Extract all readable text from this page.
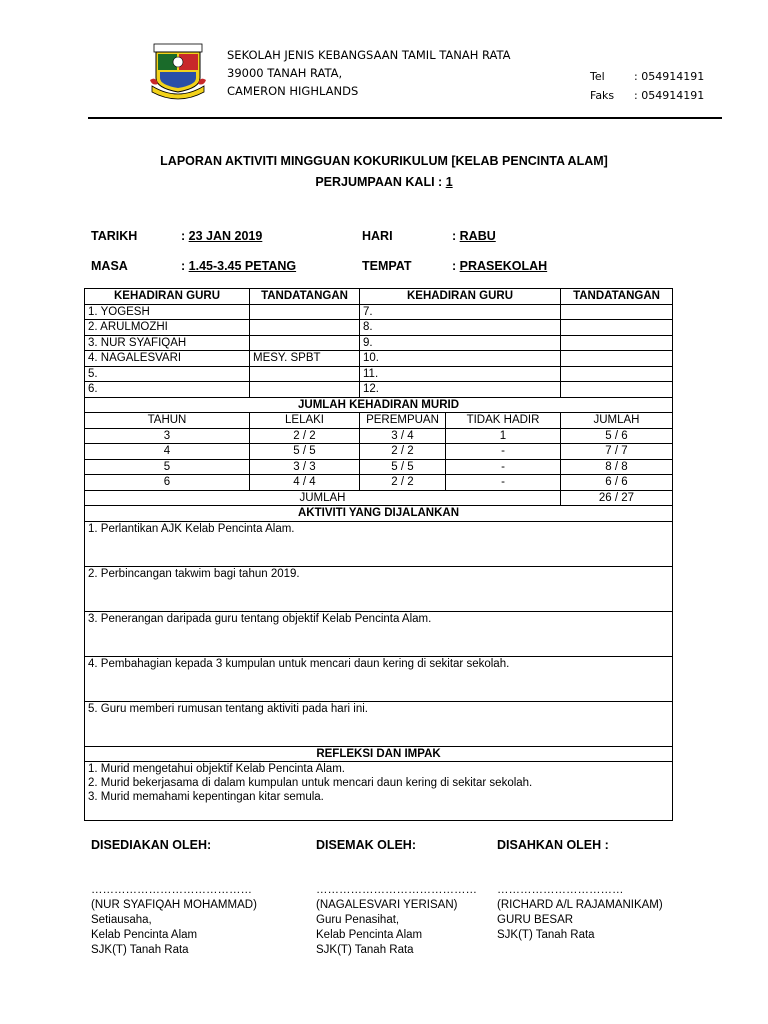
SEKOLAH JENIS KEBANGSAAN TAMIL TANAH RATA
39000 TANAH RATA,
CAMERON HIGHLANDS
Tel	: 054914191
Faks : 054914191
LAPORAN AKTIVITI MINGGUAN KOKURIKULUM [KELAB PENCINTA ALAM]
PERJUMPAAN KALI : 1
TARIKH	: 23 JAN 2019	HARI	: RABU
MASA	: 1.45-3.45 PETANG	TEMPAT	: PRASEKOLAH
KEHADIRAN GURU	TANDATANGAN	KEHADIRAN GURU		TANDATANGAN
1. YOGESH		7.		
2. ARULMOZHI		8.		
3. NUR SYAFIQAH		9.		
4. NAGALESVARI	MESY. SPBT	10.		
5.		11.		
6.		12.		
JUMLAH KEHADIRAN MURID				
TAHUN	LELAKI	PEREMPUAN	TIDAK HADIR	JUMLAH
3	2 / 2	3 / 4	1	5 / 6
4	5 / 5	2 / 2	-	7 / 7
5	3 / 3	5 / 5	-	8 / 8
6	4 / 4	2 / 2	-	6 / 6
JUMLAH				26 / 27
AKTIVITI YANG DIJALANKAN				
1. Perlantikan AJK Kelab Pencinta Alam.				
2. Perbincangan takwim bagi tahun 2019.				
3. Penerangan daripada guru tentang objektif Kelab Pencinta Alam.				
4. Pembahagian kepada 3 kumpulan untuk mencari daun kering di sekitar sekolah.				
5. Guru memberi rumusan tentang aktiviti pada hari ini.				
REFLEKSI DAN IMPAK				

1. Murid mengetahui objektif Kelab Pencinta Alam.
2. Murid bekerjasama di dalam kumpulan untuk mencari daun kering di sekitar sekolah.
3. Murid memahami kepentingan kitar semula.				
DISEDIAKAN OLEH:
……………………………………
(NUR SYAFIQAH MOHAMMAD)
Setiausaha,
Kelab Pencinta Alam
SJK(T) Tanah Rata
DISEMAK OLEH:
……………………………………
(NAGALESVARI YERISAN)
Guru Penasihat,
Kelab Pencinta Alam
SJK(T) Tanah Rata
DISAHKAN OLEH :
……………………………
(RICHARD A/L RAJAMANIKAM)
GURU BESAR
SJK(T) Tanah Rata
